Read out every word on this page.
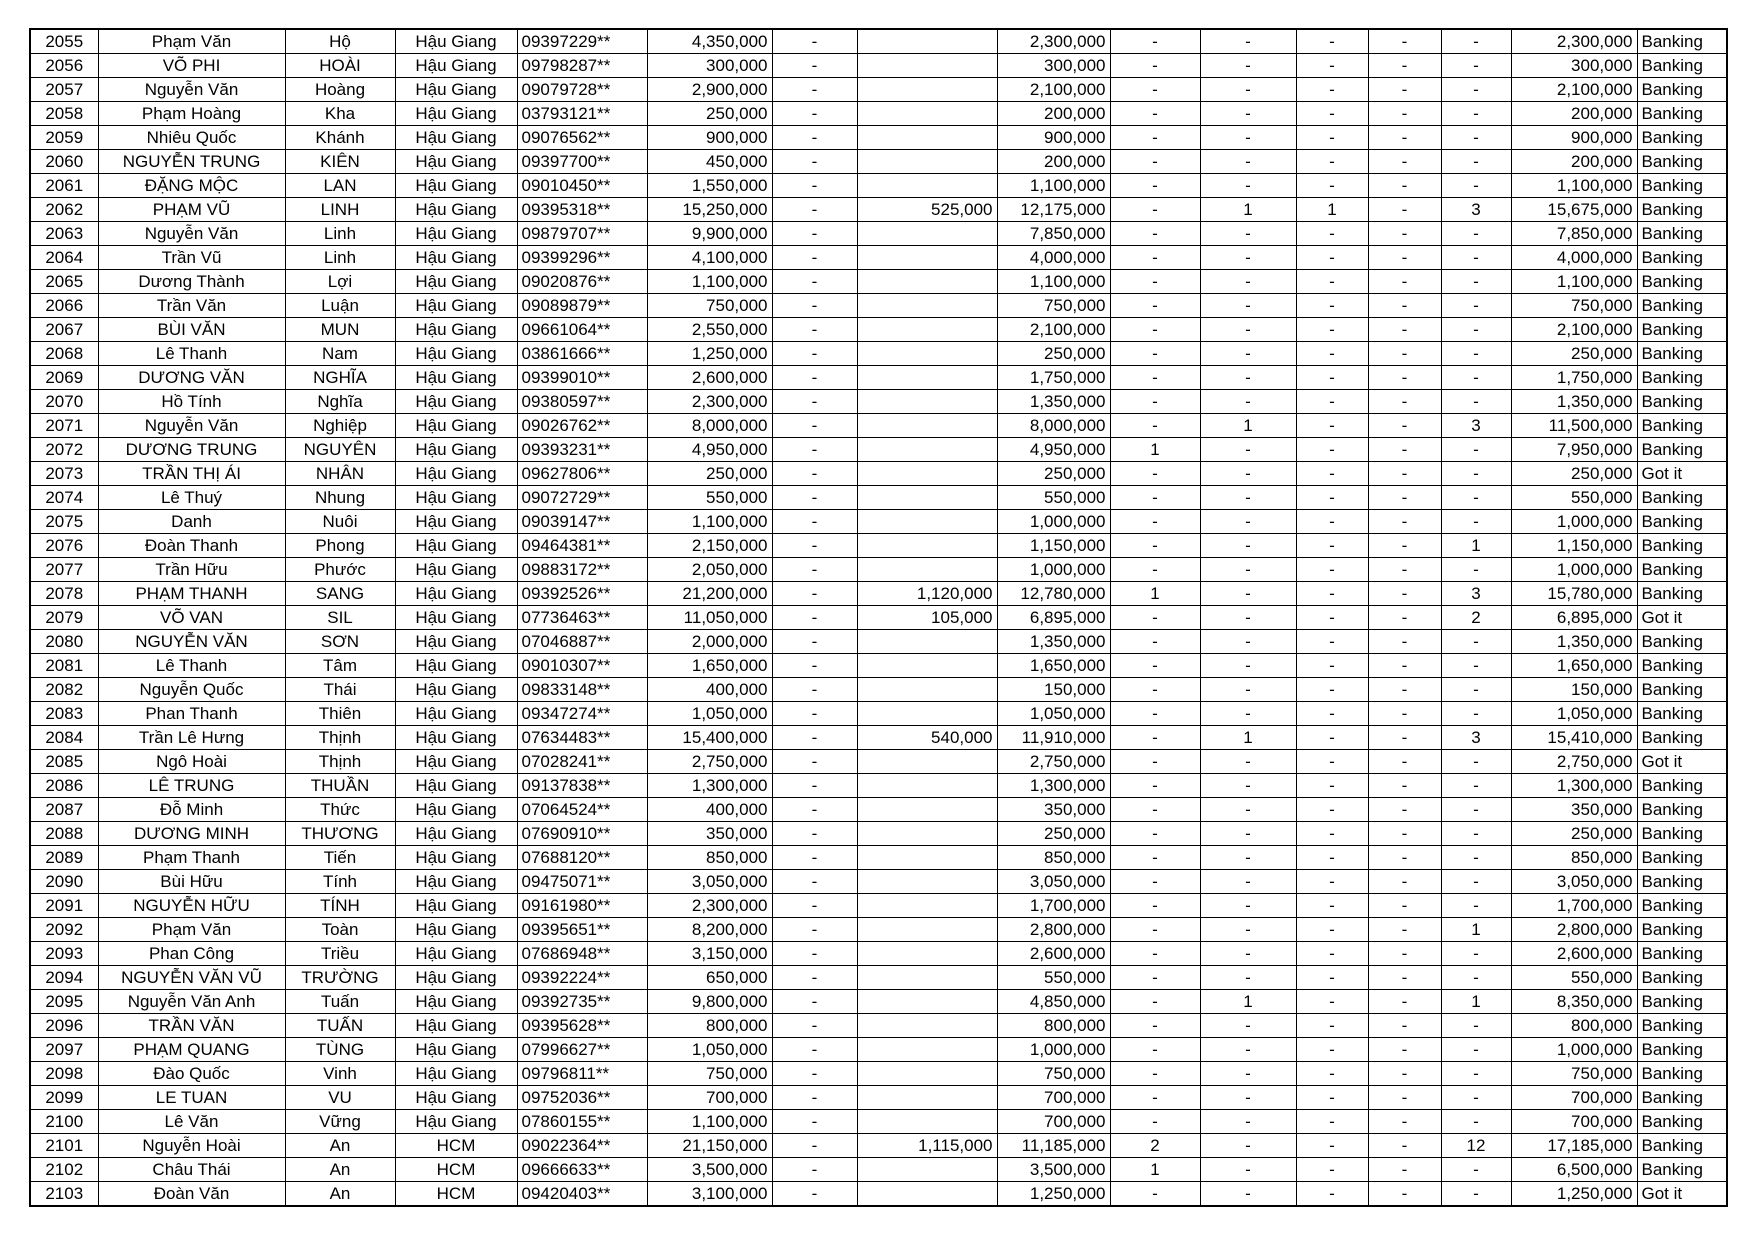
2055	Phạm Văn	Hộ	Hậu Giang	09397229**	4,350,000	-		2,300,000	-	-	-	-	-	2,300,000	Banking
2056	VÕ PHI	HOÀI	Hậu Giang	09798287**	300,000	-		300,000	-	-	-	-	-	300,000	Banking
2057	Nguyễn Văn	Hoàng	Hậu Giang	09079728**	2,900,000	-		2,100,000	-	-	-	-	-	2,100,000	Banking
2058	Phạm Hoàng	Kha	Hậu Giang	03793121**	250,000	-		200,000	-	-	-	-	-	200,000	Banking
2059	Nhiêu Quốc	Khánh	Hậu Giang	09076562**	900,000	-		900,000	-	-	-	-	-	900,000	Banking
2060	NGUYỄN TRUNG	KIÊN	Hậu Giang	09397700**	450,000	-		200,000	-	-	-	-	-	200,000	Banking
2061	ĐẶNG MỘC	LAN	Hậu Giang	09010450**	1,550,000	-		1,100,000	-	-	-	-	-	1,100,000	Banking
2062	PHẠM VŨ	LINH	Hậu Giang	09395318**	15,250,000	-	525,000	12,175,000	-	1	1	-	3	15,675,000	Banking
2063	Nguyễn Văn	Linh	Hậu Giang	09879707**	9,900,000	-		7,850,000	-	-	-	-	-	7,850,000	Banking
2064	Trần Vũ	Linh	Hậu Giang	09399296**	4,100,000	-		4,000,000	-	-	-	-	-	4,000,000	Banking
2065	Dương Thành	Lợi	Hậu Giang	09020876**	1,100,000	-		1,100,000	-	-	-	-	-	1,100,000	Banking
2066	Trần Văn	Luận	Hậu Giang	09089879**	750,000	-		750,000	-	-	-	-	-	750,000	Banking
2067	BÙI VĂN	MUN	Hậu Giang	09661064**	2,550,000	-		2,100,000	-	-	-	-	-	2,100,000	Banking
2068	Lê Thanh	Nam	Hậu Giang	03861666**	1,250,000	-		250,000	-	-	-	-	-	250,000	Banking
2069	DƯƠNG VĂN	NGHĨA	Hậu Giang	09399010**	2,600,000	-		1,750,000	-	-	-	-	-	1,750,000	Banking
2070	Hồ Tính	Nghĩa	Hậu Giang	09380597**	2,300,000	-		1,350,000	-	-	-	-	-	1,350,000	Banking
2071	Nguyễn Văn	Nghiệp	Hậu Giang	09026762**	8,000,000	-		8,000,000	-	1	-	-	3	11,500,000	Banking
2072	DƯƠNG TRUNG	NGUYÊN	Hậu Giang	09393231**	4,950,000	-		4,950,000	1	-	-	-	-	7,950,000	Banking
2073	TRẦN THỊ ÁI	NHÂN	Hậu Giang	09627806**	250,000	-		250,000	-	-	-	-	-	250,000	Got it
2074	Lê Thuý	Nhung	Hậu Giang	09072729**	550,000	-		550,000	-	-	-	-	-	550,000	Banking
2075	Danh	Nuôi	Hậu Giang	09039147**	1,100,000	-		1,000,000	-	-	-	-	-	1,000,000	Banking
2076	Đoàn Thanh	Phong	Hậu Giang	09464381**	2,150,000	-		1,150,000	-	-	-	-	1	1,150,000	Banking
2077	Trần Hữu	Phước	Hậu Giang	09883172**	2,050,000	-		1,000,000	-	-	-	-	-	1,000,000	Banking
2078	PHẠM THANH	SANG	Hậu Giang	09392526**	21,200,000	-	1,120,000	12,780,000	1	-	-	-	3	15,780,000	Banking
2079	VÕ VAN	SIL	Hậu Giang	07736463**	11,050,000	-	105,000	6,895,000	-	-	-	-	2	6,895,000	Got it
2080	NGUYỄN VĂN	SƠN	Hậu Giang	07046887**	2,000,000	-		1,350,000	-	-	-	-	-	1,350,000	Banking
2081	Lê Thanh	Tâm	Hậu Giang	09010307**	1,650,000	-		1,650,000	-	-	-	-	-	1,650,000	Banking
2082	Nguyễn Quốc	Thái	Hậu Giang	09833148**	400,000	-		150,000	-	-	-	-	-	150,000	Banking
2083	Phan Thanh	Thiên	Hậu Giang	09347274**	1,050,000	-		1,050,000	-	-	-	-	-	1,050,000	Banking
2084	Trần Lê Hưng	Thịnh	Hậu Giang	07634483**	15,400,000	-	540,000	11,910,000	-	1	-	-	3	15,410,000	Banking
2085	Ngô Hoài	Thịnh	Hậu Giang	07028241**	2,750,000	-		2,750,000	-	-	-	-	-	2,750,000	Got it
2086	LÊ TRUNG	THUẦN	Hậu Giang	09137838**	1,300,000	-		1,300,000	-	-	-	-	-	1,300,000	Banking
2087	Đỗ Minh	Thức	Hậu Giang	07064524**	400,000	-		350,000	-	-	-	-	-	350,000	Banking
2088	DƯƠNG MINH	THƯƠNG	Hậu Giang	07690910**	350,000	-		250,000	-	-	-	-	-	250,000	Banking
2089	Phạm Thanh	Tiến	Hậu Giang	07688120**	850,000	-		850,000	-	-	-	-	-	850,000	Banking
2090	Bùi Hữu	Tính	Hậu Giang	09475071**	3,050,000	-		3,050,000	-	-	-	-	-	3,050,000	Banking
2091	NGUYỄN HỮU	TÍNH	Hậu Giang	09161980**	2,300,000	-		1,700,000	-	-	-	-	-	1,700,000	Banking
2092	Phạm Văn	Toàn	Hậu Giang	09395651**	8,200,000	-		2,800,000	-	-	-	-	1	2,800,000	Banking
2093	Phan Công	Triều	Hậu Giang	07686948**	3,150,000	-		2,600,000	-	-	-	-	-	2,600,000	Banking
2094	NGUYỄN VĂN VŨ	TRƯỜNG	Hậu Giang	09392224**	650,000	-		550,000	-	-	-	-	-	550,000	Banking
2095	Nguyễn Văn Anh	Tuấn	Hậu Giang	09392735**	9,800,000	-		4,850,000	-	1	-	-	1	8,350,000	Banking
2096	TRẦN VĂN	TUẤN	Hậu Giang	09395628**	800,000	-		800,000	-	-	-	-	-	800,000	Banking
2097	PHẠM QUANG	TÙNG	Hậu Giang	07996627**	1,050,000	-		1,000,000	-	-	-	-	-	1,000,000	Banking
2098	Đào Quốc	Vinh	Hậu Giang	09796811**	750,000	-		750,000	-	-	-	-	-	750,000	Banking
2099	LE TUAN	VU	Hậu Giang	09752036**	700,000	-		700,000	-	-	-	-	-	700,000	Banking
2100	Lê Văn	Vững	Hậu Giang	07860155**	1,100,000	-		700,000	-	-	-	-	-	700,000	Banking
2101	Nguyễn Hoài	An	HCM	09022364**	21,150,000	-	1,115,000	11,185,000	2	-	-	-	12	17,185,000	Banking
2102	Châu Thái	An	HCM	09666633**	3,500,000	-		3,500,000	1	-	-	-	-	6,500,000	Banking
2103	Đoàn Văn	An	HCM	09420403**	3,100,000	-		1,250,000	-	-	-	-	-	1,250,000	Got it
